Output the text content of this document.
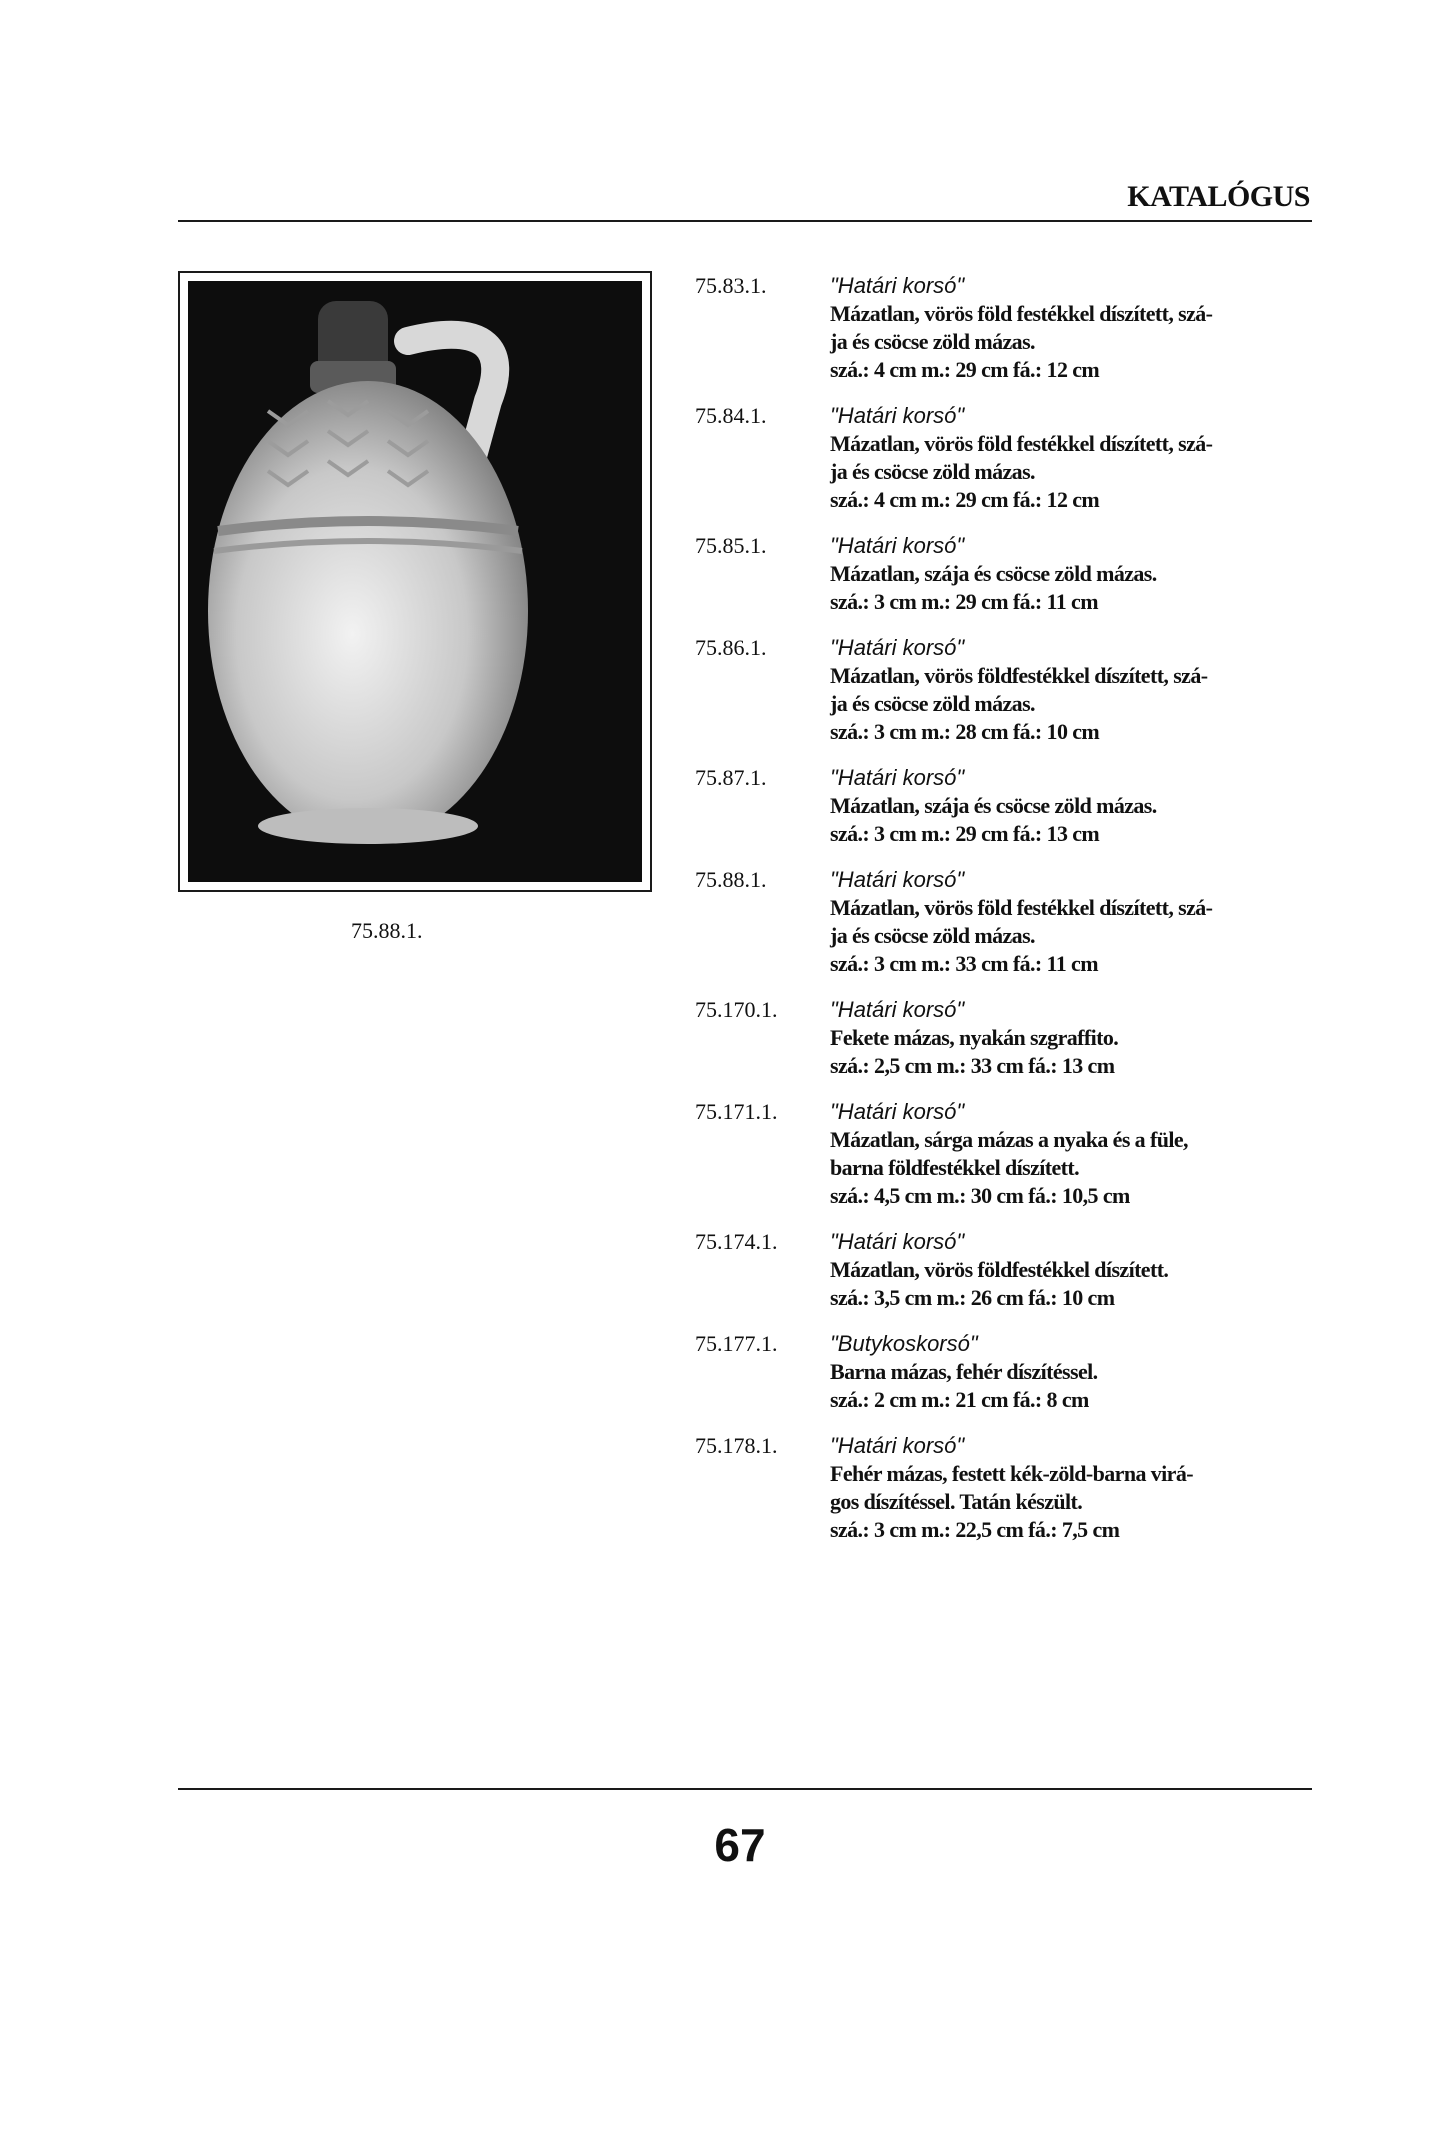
KATALÓGUS
75.88.1.
75.83.1.	"Határi korsó"
Mázatlan, vörös föld festékkel díszített, szá-
ja és csöcse zöld mázas.
szá.: 4 cm m.: 29 cm fá.: 12 cm
75.84.1.	"Határi korsó"
Mázatlan, vörös föld festékkel díszített, szá-
ja és csöcse zöld mázas.
szá.: 4 cm m.: 29 cm fá.: 12 cm
75.85.1.	"Határi korsó"
Mázatlan, szája és csöcse zöld mázas.
szá.: 3 cm m.: 29 cm fá.: 11 cm
75.86.1.	"Határi korsó"
Mázatlan, vörös földfestékkel díszített, szá-
ja és csöcse zöld mázas.
szá.: 3 cm m.: 28 cm fá.: 10 cm
75.87.1.	"Határi korsó"
Mázatlan, szája és csöcse zöld mázas.
szá.: 3 cm m.: 29 cm fá.: 13 cm
75.88.1.	"Határi korsó"
Mázatlan, vörös föld festékkel díszített, szá-
ja és csöcse zöld mázas.
szá.: 3 cm m.: 33 cm fá.: 11 cm
75.170.1.	"Határi korsó"
Fekete mázas, nyakán szgraffito.
szá.: 2,5 cm m.: 33 cm fá.: 13 cm
75.171.1.	"Határi korsó"
Mázatlan, sárga mázas a nyaka és a füle,
barna földfestékkel díszített.
szá.: 4,5 cm m.: 30 cm fá.: 10,5 cm
75.174.1.	"Határi korsó"
Mázatlan, vörös földfestékkel díszített.
szá.: 3,5 cm m.: 26 cm fá.: 10 cm
75.177.1.	"Butykoskorsó"
Barna mázas, fehér díszítéssel.
szá.: 2 cm m.: 21 cm fá.: 8 cm
75.178.1.	"Határi korsó"
Fehér mázas, festett kék-zöld-barna virá-
gos díszítéssel. Tatán készült.
szá.: 3 cm m.: 22,5 cm fá.: 7,5 cm
67
